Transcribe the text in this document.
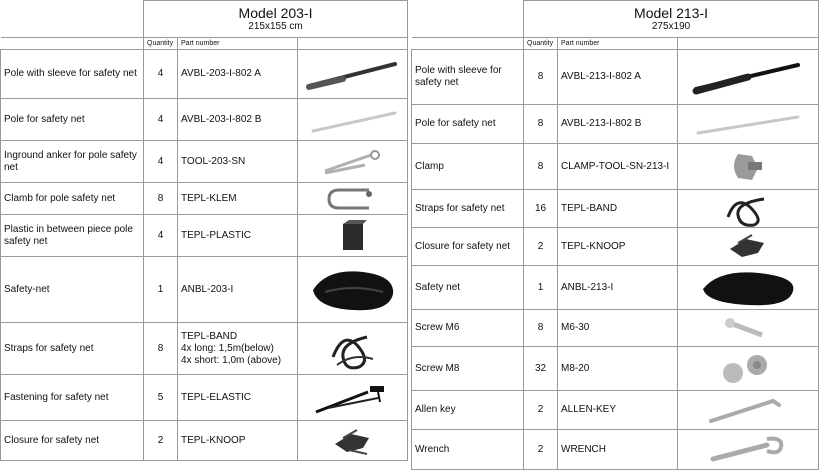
	Model 203-I
215x155 cm		

	Quantity	Part number	
Pole with sleeve for safety net	4	AVBL-203-I-802 A	

Pole for safety net	4	AVBL-203-I-802 B	

Inground anker for pole safety net	4	TOOL-203-SN	

Clamb for pole safety net	8	TEPL-KLEM	

Plastic in between piece pole safety net	4	TEPL-PLASTIC	

Safety-net	1	ANBL-203-I	

Straps for safety net	8	TEPL-BAND
4x long: 1,5m(below)
4x short: 1,0m (above)

Fastening for safety net	5	TEPL-ELASTIC	

Closure for safety net	2	TEPL-KNOOP	

	Model 213-I
275x190		

	Quantity	Part number	
Pole with sleeve for safety net	8	AVBL-213-I-802 A	

Pole for safety net	8	AVBL-213-I-802 B	

Clamp	8	CLAMP-TOOL-SN-213-I	

Straps for safety net	16	TEPL-BAND	

Closure for safety net	2	TEPL-KNOOP	

Safety net	1	ANBL-213-I	

Screw M6	8	M6-30	

Screw M8	32	M8-20	

Allen key	2	ALLEN-KEY	

Wrench	2	WRENCH	
